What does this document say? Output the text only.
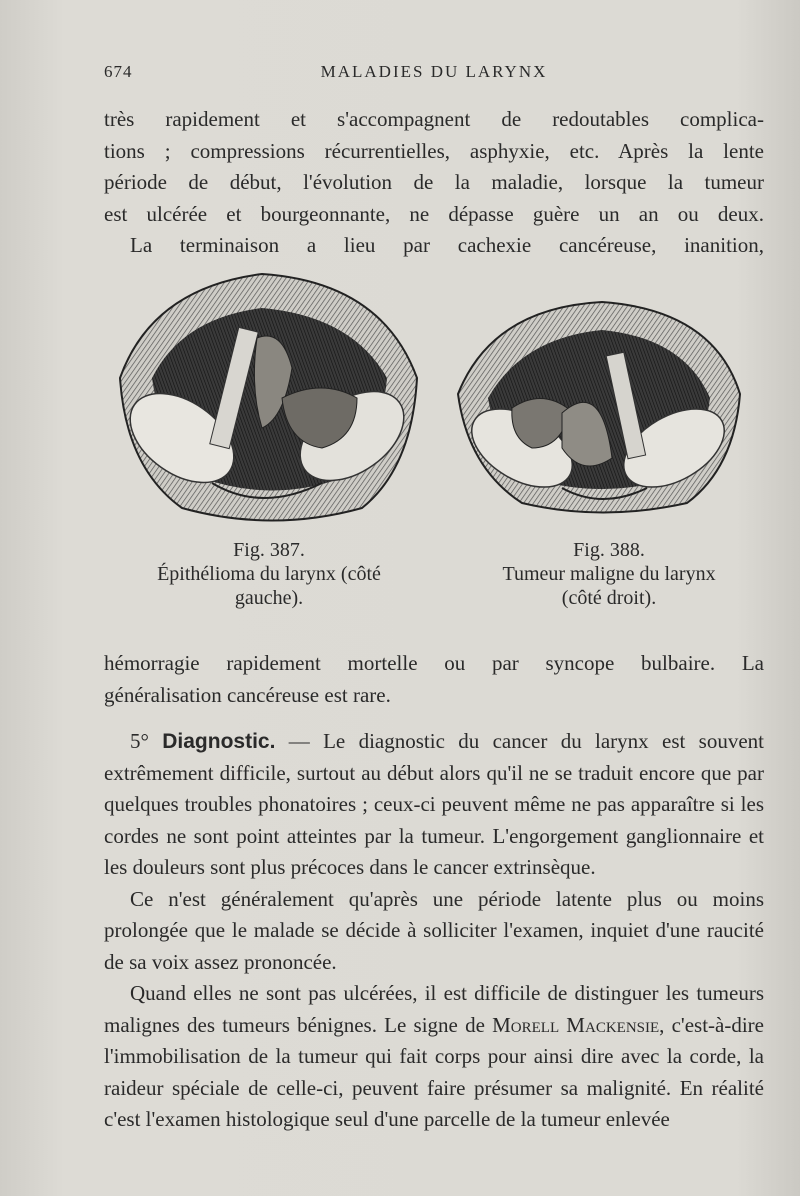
674	MALADIES DU LARYNX
très rapidement et s'accompagnent de redoutables complica-
tions ; compressions récurrentielles, asphyxie, etc. Après la lente
période de début, l'évolution de la maladie, lorsque la tumeur
est ulcérée et bourgeonnante, ne dépasse guère un an ou deux.
La terminaison a lieu par cachexie cancéreuse, inanition,
Fig. 387.
Épithélioma du larynx (côté
gauche).
Fig. 388.
Tumeur maligne du larynx
(côté droit).
hémorragie rapidement mortelle ou par syncope bulbaire. La
généralisation cancéreuse est rare.

5° Diagnostic. — Le diagnostic du cancer du larynx est souvent extrêmement difficile, surtout au début alors qu'il ne se traduit encore que par quelques troubles phonatoires ; ceux-ci peuvent même ne pas apparaître si les cordes ne sont point atteintes par la tumeur. L'engorgement ganglionnaire et les douleurs sont plus précoces dans le cancer extrinsèque.

Ce n'est généralement qu'après une période latente plus ou moins prolongée que le malade se décide à solliciter l'examen, inquiet d'une raucité de sa voix assez prononcée.

Quand elles ne sont pas ulcérées, il est difficile de distinguer les tumeurs malignes des tumeurs bénignes. Le signe de Morell Mackensie, c'est-à-dire l'immobilisation de la tumeur qui fait corps pour ainsi dire avec la corde, la raideur spéciale de celle-ci, peuvent faire présumer sa malignité. En réalité c'est l'examen histologique seul d'une parcelle de la tumeur enlevée
